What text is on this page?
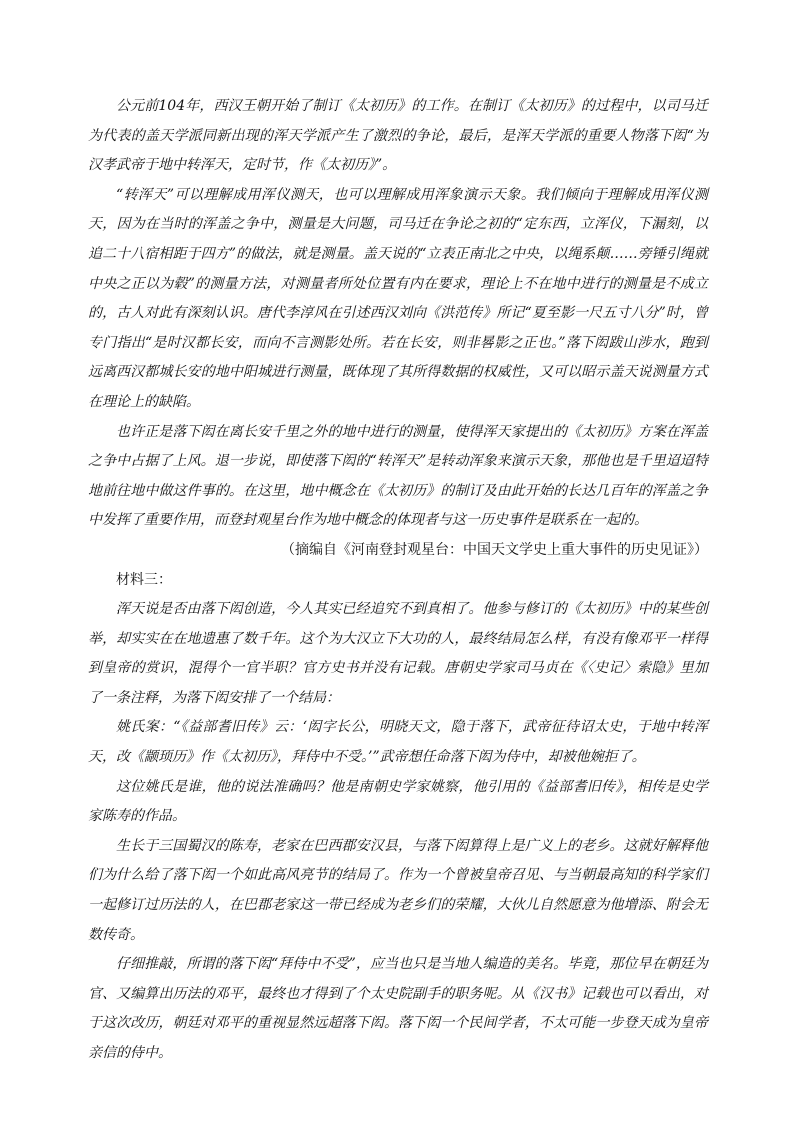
公元前104年，西汉王朝开始了制订《太初历》的工作。在制订《太初历》的过程中，以司马迁为代表的盖天学派同新出现的浑天学派产生了激烈的争论，最后，是浑天学派的重要人物落下闳“为汉孝武帝于地中转浑天，定时节，作《太初历》”。

“转浑天”可以理解成用浑仪测天，也可以理解成用浑象演示天象。我们倾向于理解成用浑仪测天，因为在当时的浑盖之争中，测量是大问题，司马迁在争论之初的“定东西，立浑仪，下漏刻，以追二十八宿相距于四方”的做法，就是测量。盖天说的“立表正南北之中央，以绳系颠……旁锤引绳就中央之正以为毂”的测量方法，对测量者所处位置有内在要求，理论上不在地中进行的测量是不成立的，古人对此有深刻认识。唐代李淳风在引述西汉刘向《洪范传》所记“夏至影一尺五寸八分”时，曾专门指出“是时汉都长安，而向不言测影处所。若在长安，则非晷影之正也。”落下闳跋山涉水，跑到远离西汉都城长安的地中阳城进行测量，既体现了其所得数据的权威性，又可以昭示盖天说测量方式在理论上的缺陷。

也许正是落下闳在离长安千里之外的地中进行的测量，使得浑天家提出的《太初历》方案在浑盖之争中占据了上风。退一步说，即使落下闳的“转浑天”是转动浑象来演示天象，那他也是千里迢迢特地前往地中做这件事的。在这里，地中概念在《太初历》的制订及由此开始的长达几百年的浑盖之争中发挥了重要作用，而登封观星台作为地中概念的体现者与这一历史事件是联系在一起的。

（摘编自《河南登封观星台：中国天文学史上重大事件的历史见证》）

材料三：

浑天说是否由落下闳创造，今人其实已经追究不到真相了。他参与修订的《太初历》中的某些创举，却实实在在地遗惠了数千年。这个为大汉立下大功的人，最终结局怎么样，有没有像邓平一样得到皇帝的赏识，混得个一官半职？官方史书并没有记载。唐朝史学家司马贞在《〈史记〉索隐》里加了一条注释，为落下闳安排了一个结局：

姚氏案：“《益部耆旧传》云：‘闳字长公，明晓天文，隐于落下，武帝征待诏太史，于地中转浑天，改《颛顼历》作《太初历》，拜侍中不受。’”武帝想任命落下闳为侍中，却被他婉拒了。

这位姚氏是谁，他的说法准确吗？他是南朝史学家姚察，他引用的《益部耆旧传》，相传是史学家陈寿的作品。

生长于三国蜀汉的陈寿，老家在巴西郡安汉县，与落下闳算得上是广义上的老乡。这就好解释他们为什么给了落下闳一个如此高风亮节的结局了。作为一个曾被皇帝召见、与当朝最高知的科学家们一起修订过历法的人，在巴郡老家这一带已经成为老乡们的荣耀，大伙儿自然愿意为他增添、附会无数传奇。

仔细推敲，所谓的落下闳“拜侍中不受”，应当也只是当地人编造的美名。毕竟，那位早在朝廷为官、又编算出历法的邓平，最终也才得到了个太史院副手的职务呢。从《汉书》记载也可以看出，对于这次改历，朝廷对邓平的重视显然远超落下闳。落下闳一个民间学者，不太可能一步登天成为皇帝亲信的侍中。
